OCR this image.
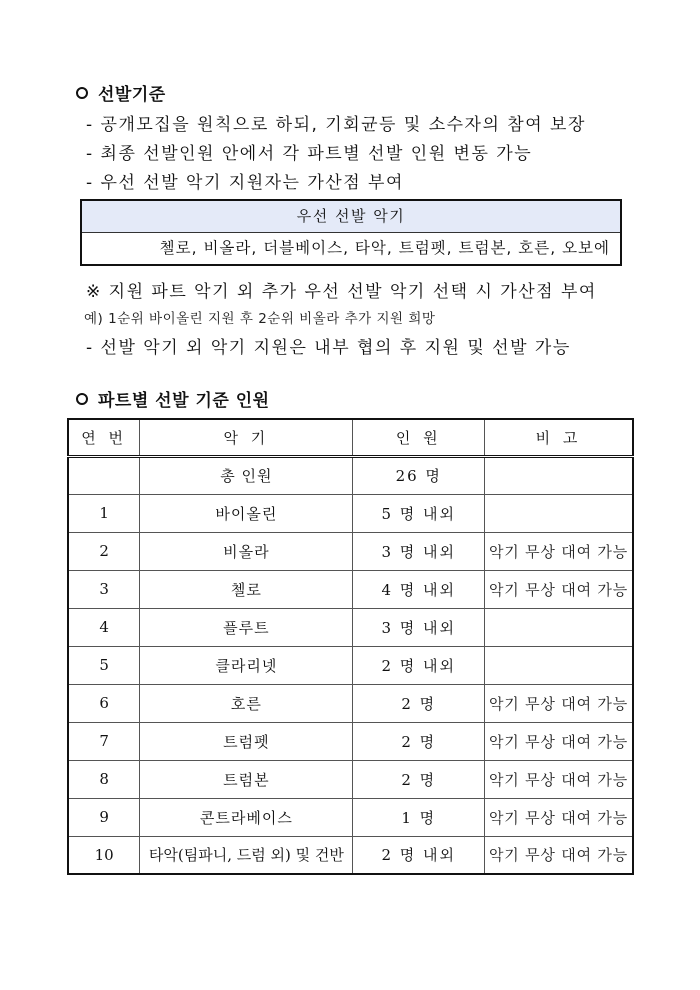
선발기준
- 공개모집을 원칙으로 하되, 기회균등 및 소수자의 참여 보장
- 최종 선발인원 안에서 각 파트별 선발 인원 변동 가능
- 우선 선발 악기 지원자는 가산점 부여
우선 선발 악기
첼로, 비올라, 더블베이스, 타악, 트럼펫, 트럼본, 호른, 오보에
※ 지원 파트 악기 외 추가 우선 선발 악기 선택 시 가산점 부여
예) 1순위 바이올린 지원 후 2순위 비올라 추가 지원 희망
- 선발 악기 외 악기 지원은 내부 협의 후 지원 및 선발 가능
파트별 선발 기준 인원
연 번	악 기	인 원	비 고
	총 인원	26 명	
1	바이올린	5 명 내외	
2	비올라	3 명 내외	악기 무상 대여 가능
3	첼로	4 명 내외	악기 무상 대여 가능
4	플루트	3 명 내외	
5	클라리넷	2 명 내외	
6	호른	2 명	악기 무상 대여 가능
7	트럼펫	2 명	악기 무상 대여 가능
8	트럼본	2 명	악기 무상 대여 가능
9	콘트라베이스	1 명	악기 무상 대여 가능
10	타악(팀파니, 드럼 외) 및 건반	2 명 내외	악기 무상 대여 가능
